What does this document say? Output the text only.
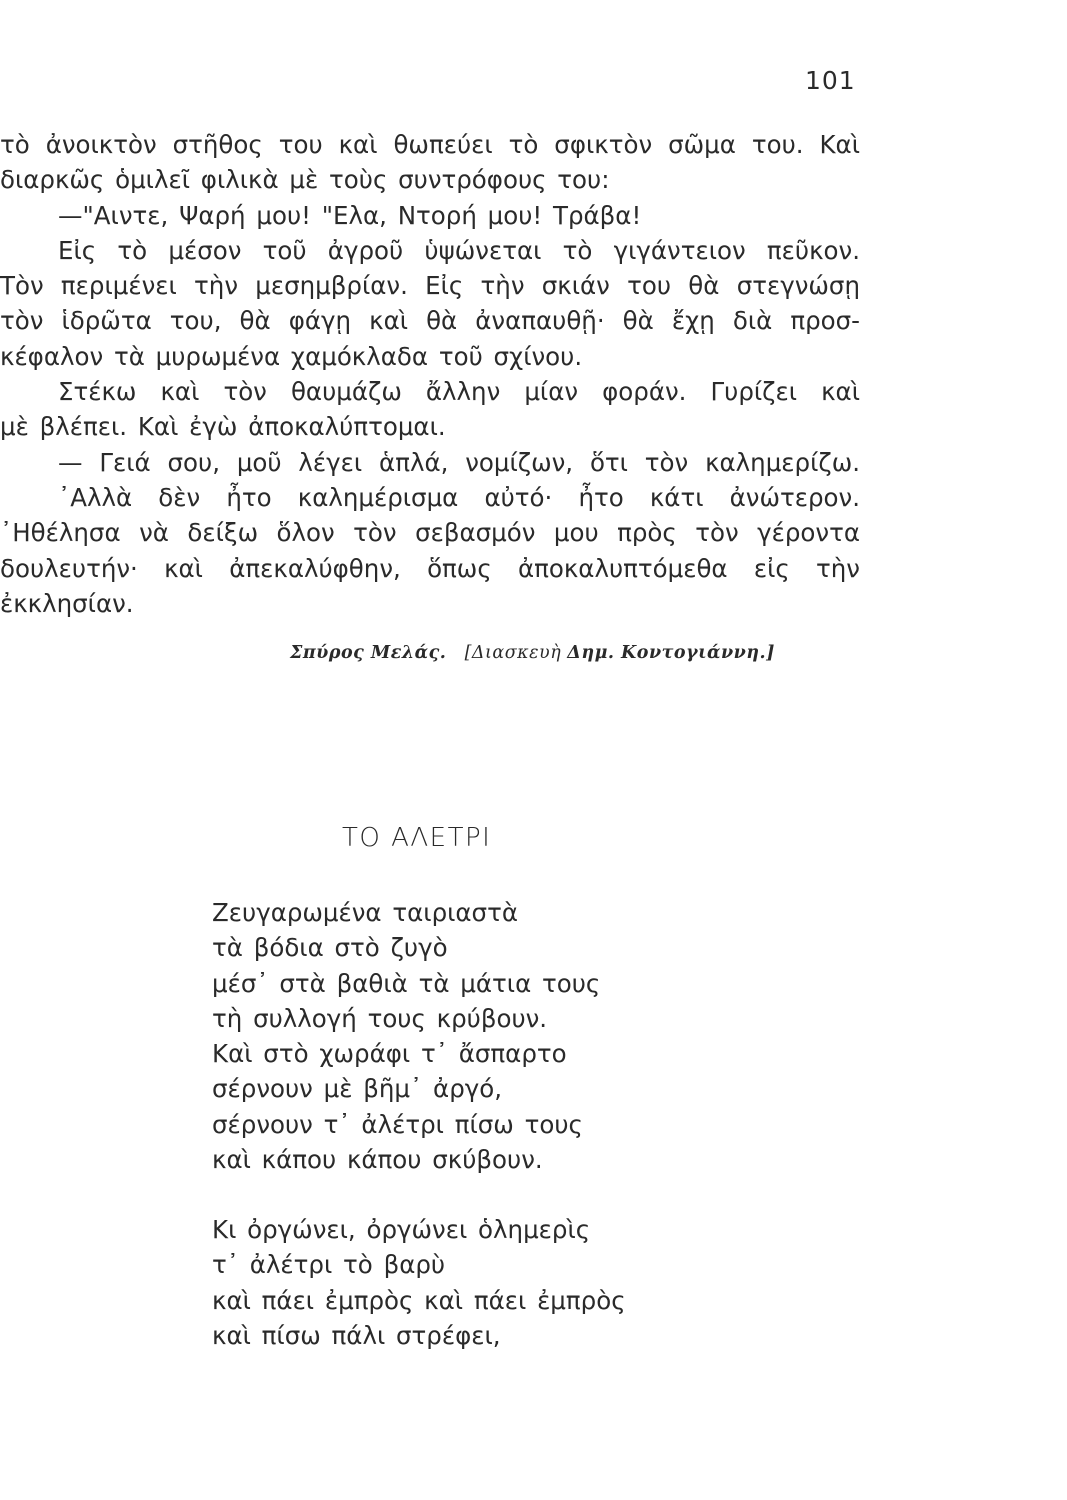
101
τὸ ἀνοικτὸν στῆθος του καὶ θωπεύει τὸ σφικτὸν σῶμα του. Καὶ
διαρκῶς ὁμιλεῖ φιλικὰ μὲ τοὺς συντρόφους του:
—"Αιντε, Ψαρή μου! "Ελα, Ντορή μου! Τράβα!
Εἰς τὸ μέσον τοῦ ἀγροῦ ὑψώνεται τὸ γιγάντειον πεῦκον.
Τὸν περιμένει τὴν μεσημβρίαν. Εἰς τὴν σκιάν του θὰ στεγνώσῃ
τὸν ἱδρῶτα του, θὰ φάγῃ καὶ θὰ ἀναπαυθῇ· θὰ ἔχῃ διὰ προσ-
κέφαλον τὰ μυρωμένα χαμόκλαδα τοῦ σχίνου.
Στέκω καὶ τὸν θαυμάζω ἄλλην μίαν φοράν. Γυρίζει καὶ
μὲ βλέπει. Καὶ ἐγὼ ἀποκαλύπτομαι.
— Γειά σου, μοῦ λέγει ἁπλά, νομίζων, ὅτι τὸν καλημερίζω.
᾿Αλλὰ δὲν ἦτο καλημέρισμα αὐτό· ἦτο κάτι ἀνώτερον.
᾿Ηθέλησα νὰ δείξω ὅλον τὸν σεβασμόν μου πρὸς τὸν γέροντα
δουλευτήν· καὶ ἀπεκαλύφθην, ὅπως ἀποκαλυπτόμεθα εἰς τὴν
ἐκκλησίαν.
Σπύρος Μελάς. [Διασκευὴ Δημ. Κοντογιάννη.]
ΤΟ ΑΛΕΤΡΙ
Ζευγαρωμένα ταιριαστὰ
τὰ βόδια στὸ ζυγὸ
μέσ᾿ στὰ βαθιὰ τὰ μάτια τους
τὴ συλλογή τους κρύβουν.
Καὶ στὸ χωράφι τ᾿ ἄσπαρτο
σέρνουν μὲ βῆμ᾿ ἀργό,
σέρνουν τ᾿ ἀλέτρι πίσω τους
καὶ κάπου κάπου σκύβουν.
Κι ὀργώνει, ὀργώνει ὁλημερὶς
τ᾿ ἀλέτρι τὸ βαρὺ
καὶ πάει ἐμπρὸς καὶ πάει ἐμπρὸς
καὶ πίσω πάλι στρέφει,
